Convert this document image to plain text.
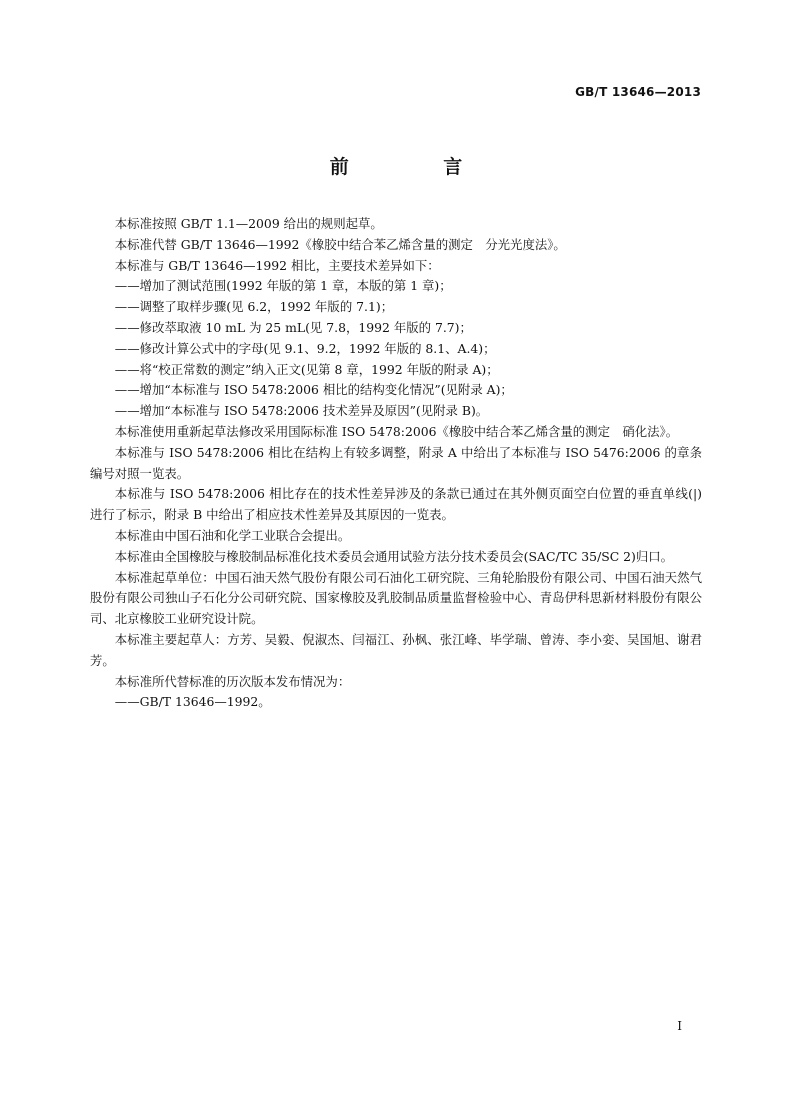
GB/T 13646—2013
前 言

本标准按照 GB/T 1.1—2009 给出的规则起草。

本标准代替 GB/T 13646—1992《橡胶中结合苯乙烯含量的测定　分光光度法》。

本标准与 GB/T 13646—1992 相比，主要技术差异如下：

——增加了测试范围(1992 年版的第 1 章，本版的第 1 章)；

——调整了取样步骤(见 6.2，1992 年版的 7.1)；

——修改萃取液 10 mL 为 25 mL(见 7.8，1992 年版的 7.7)；

——修改计算公式中的字母(见 9.1、9.2，1992 年版的 8.1、A.4)；

——将“校正常数的测定”纳入正文(见第 8 章，1992 年版的附录 A)；

——增加“本标准与 ISO 5478:2006 相比的结构变化情况”(见附录 A)；

——增加“本标准与 ISO 5478:2006 技术差异及原因”(见附录 B)。

本标准使用重新起草法修改采用国际标准 ISO 5478:2006《橡胶中结合苯乙烯含量的测定　硝化法》。

本标准与 ISO 5478:2006 相比在结构上有较多调整，附录 A 中给出了本标准与 ISO 5476:2006 的章条编号对照一览表。

本标准与 ISO 5478:2006 相比存在的技术性差异涉及的条款已通过在其外侧页面空白位置的垂直单线(|)进行了标示，附录 B 中给出了相应技术性差异及其原因的一览表。

本标准由中国石油和化学工业联合会提出。

本标准由全国橡胶与橡胶制品标准化技术委员会通用试验方法分技术委员会(SAC/TC 35/SC 2)归口。

本标准起草单位：中国石油天然气股份有限公司石油化工研究院、三角轮胎股份有限公司、中国石油天然气股份有限公司独山子石化分公司研究院、国家橡胶及乳胶制品质量监督检验中心、青岛伊科思新材料股份有限公司、北京橡胶工业研究设计院。

本标准主要起草人：方芳、吴毅、倪淑杰、闫福江、孙枫、张江峰、毕学瑞、曾涛、李小娈、吴国旭、谢君芳。

本标准所代替标准的历次版本发布情况为：

——GB/T 13646—1992。

I
